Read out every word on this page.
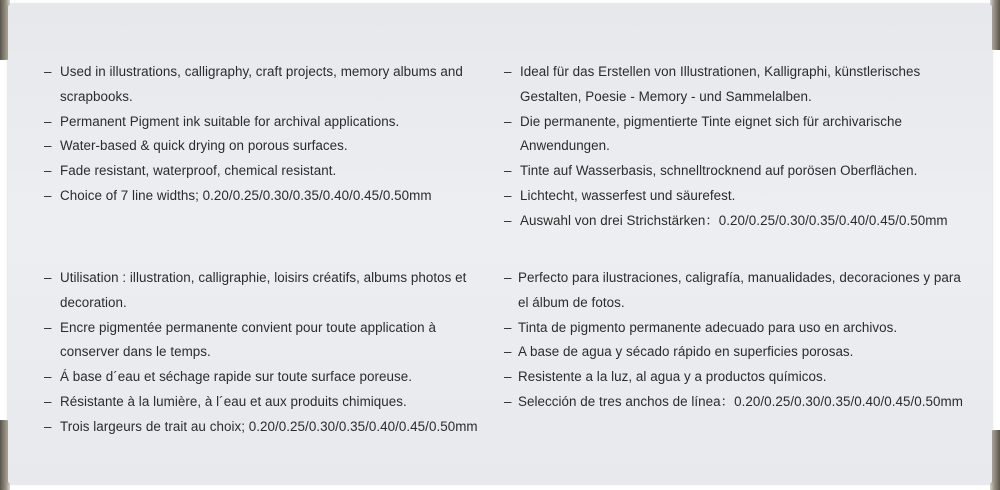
– Used in illustrations, calligraphy, craft projects, memory albums and scrapbooks.
– Permanent Pigment ink suitable for archival applications.
– Water-based & quick drying on porous surfaces.
– Fade resistant, waterproof, chemical resistant.
– Choice of 7 line widths; 0.20/0.25/0.30/0.35/0.40/0.45/0.50mm
– Ideal für das Erstellen von Illustrationen, Kalligraphi, künstlerisches Gestalten, Poesie - Memory - und Sammelalben.
– Die permanente, pigmentierte Tinte eignet sich für archivarische Anwendungen.
– Tinte auf Wasserbasis, schnelltrocknend auf porösen Oberflächen.
– Lichtecht, wasserfest und säurefest.
– Auswahl von drei Strichstärken：0.20/0.25/0.30/0.35/0.40/0.45/0.50mm
– Utilisation : illustration, calligraphie, loisirs créatifs, albums photos et decoration.
– Encre pigmentée permanente convient pour toute application à conserver dans le temps.
– Á base d´eau et séchage rapide sur toute surface poreuse.
– Résistante à la lumière, à l´eau et aux produits chimiques.
– Trois largeurs de trait au choix; 0.20/0.25/0.30/0.35/0.40/0.45/0.50mm
– Perfecto para ilustraciones, caligrafía, manualidades, decoraciones y para el álbum de fotos.
– Tinta de pigmento permanente adecuado para uso en archivos.
– A base de agua y sécado rápido en superficies porosas.
– Resistente a la luz, al agua y a productos químicos.
– Selección de tres anchos de línea：0.20/0.25/0.30/0.35/0.40/0.45/0.50mm
